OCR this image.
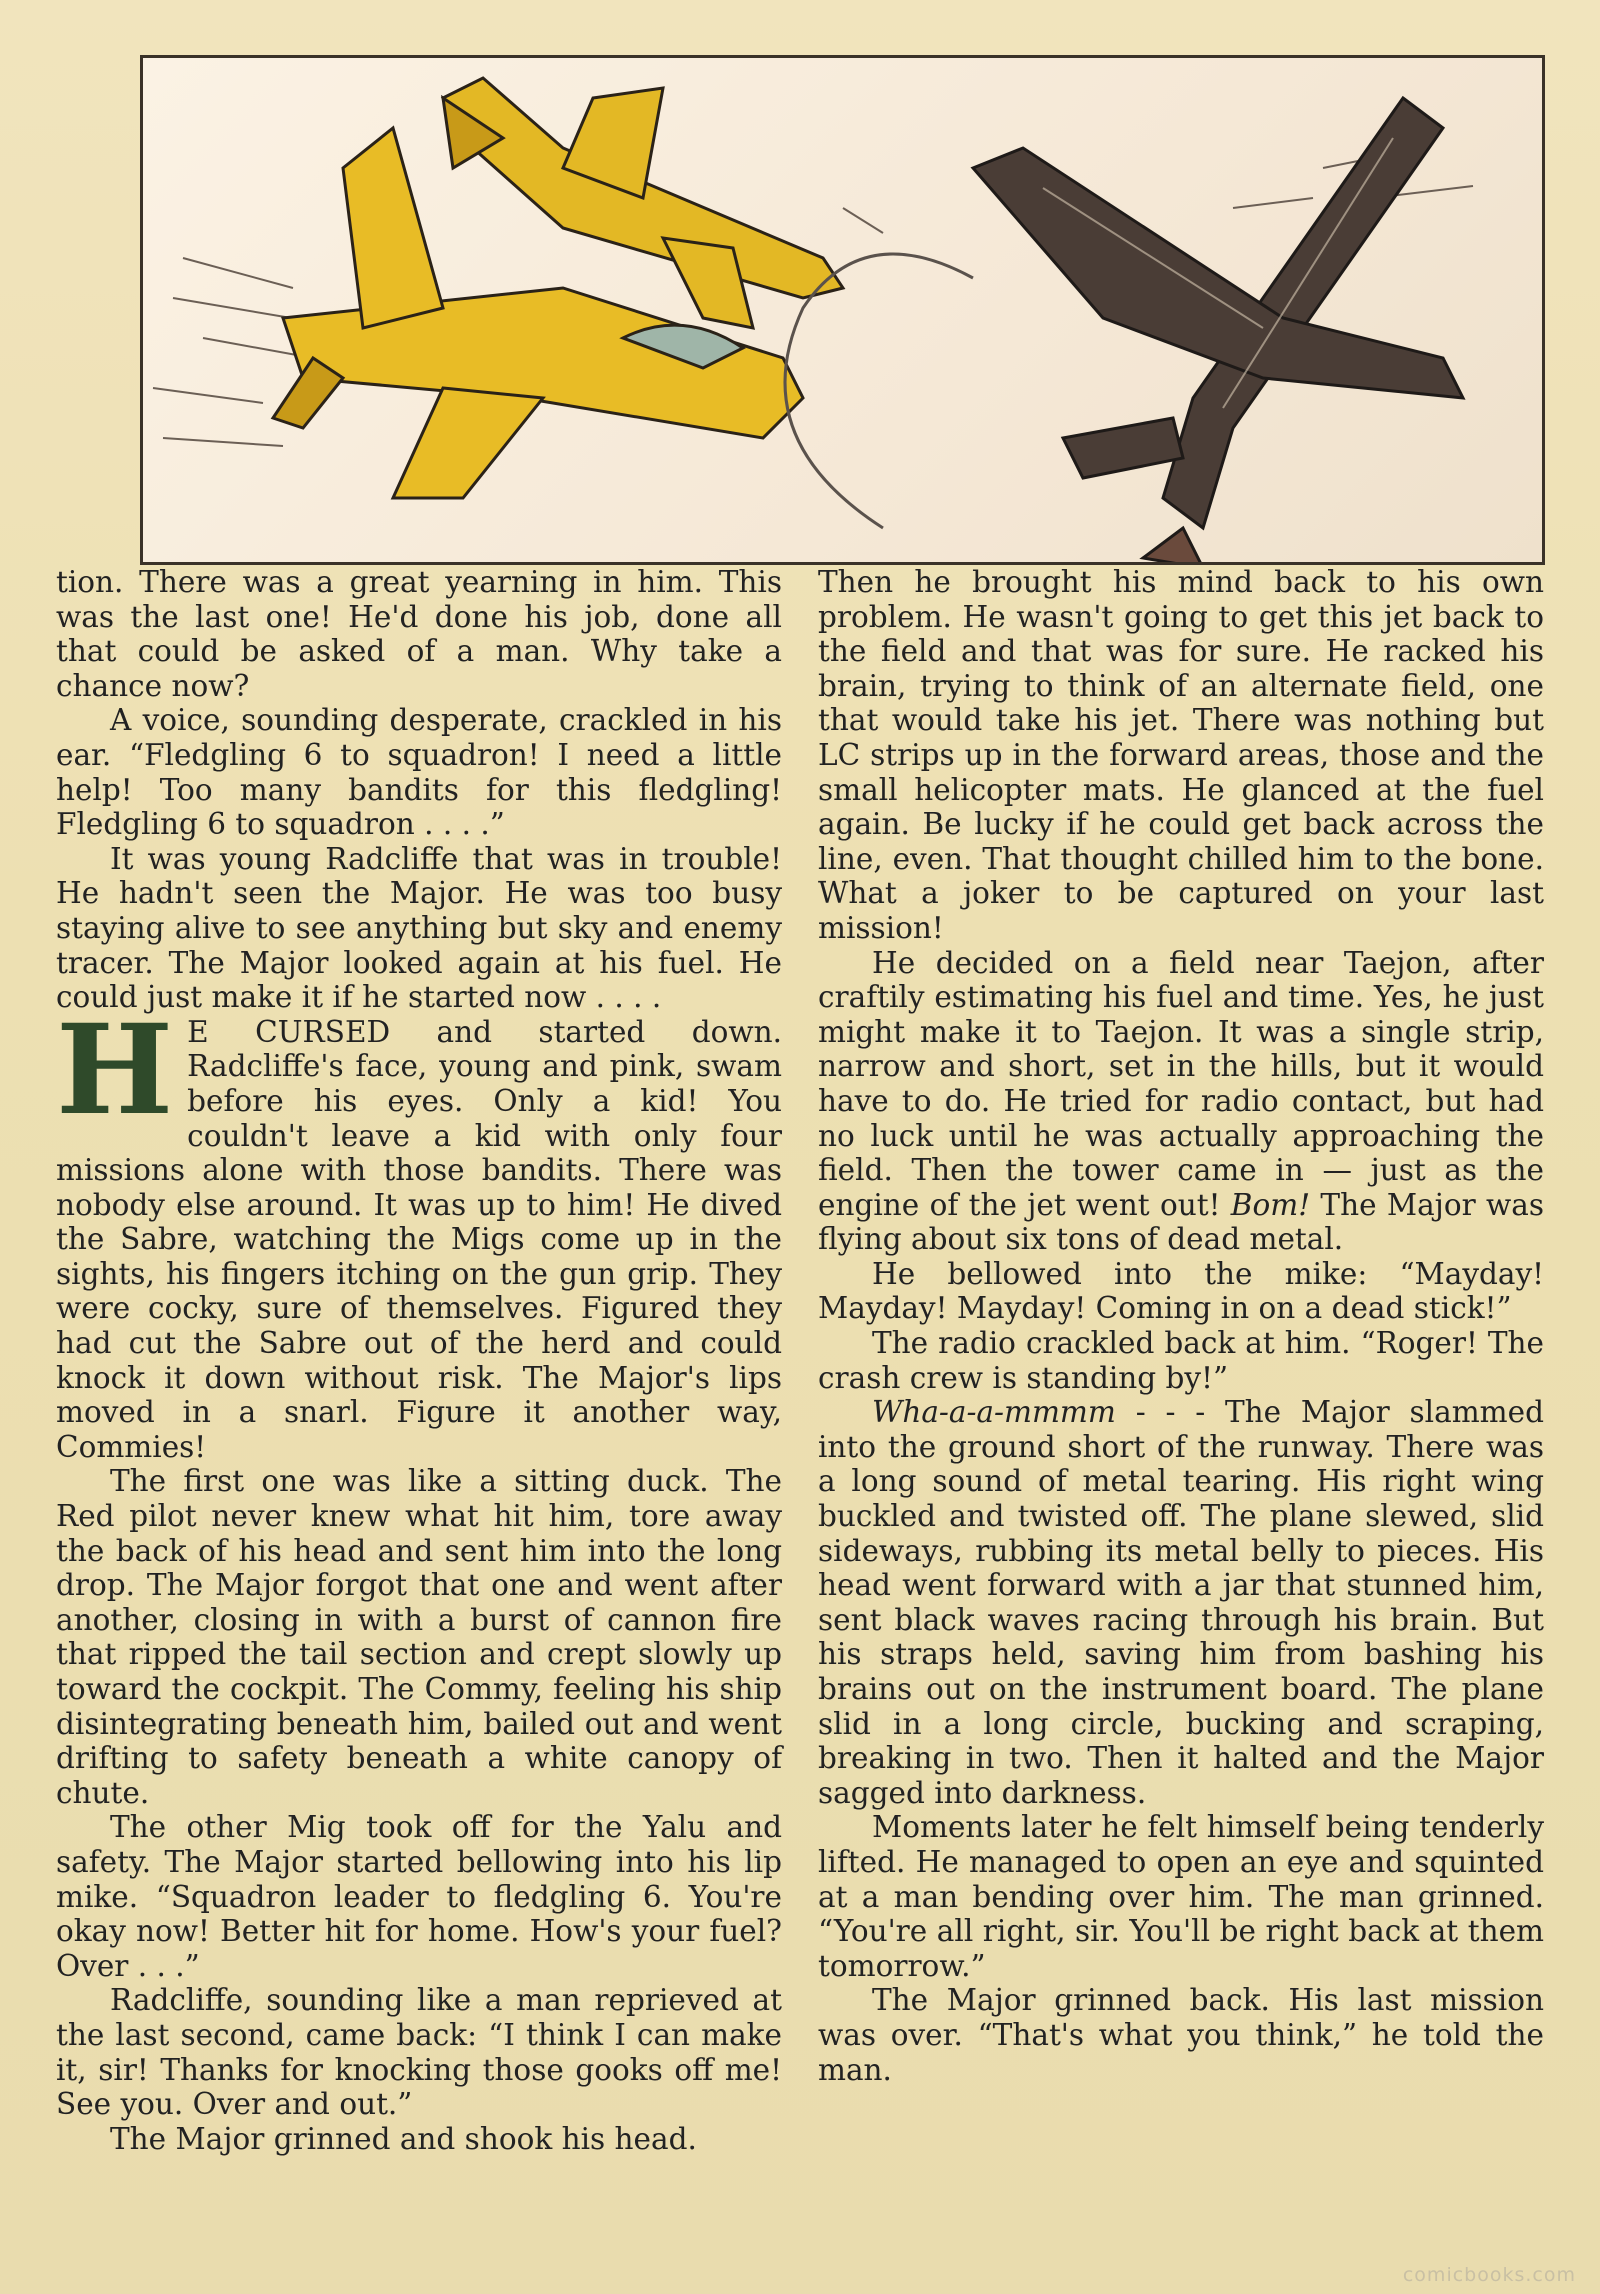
tion. There was a great yearning in him. This was the last one! He'd done his job, done all that could be asked of a man. Why take a chance now?

A voice, sounding desperate, crackled in his ear. “Fledgling 6 to squadron! I need a little help! Too many bandits for this fledgling! Fledgling 6 to squadron . . . .”

It was young Radcliffe that was in trouble! He hadn't seen the Major. He was too busy staying alive to see anything but sky and enemy tracer. The Major looked again at his fuel. He could just make it if he started now . . . .

H E CURSED and started down. Radcliffe's face, young and pink, swam before his eyes. Only a kid! You couldn't leave a kid with only four missions alone with those bandits. There was nobody else around. It was up to him! He dived the Sabre, watching the Migs come up in the sights, his fingers itching on the gun grip. They were cocky, sure of themselves. Figured they had cut the Sabre out of the herd and could knock it down without risk. The Major's lips moved in a snarl. Figure it another way, Commies!

The first one was like a sitting duck. The Red pilot never knew what hit him, tore away the back of his head and sent him into the long drop. The Major forgot that one and went after another, closing in with a burst of cannon fire that ripped the tail section and crept slowly up toward the cockpit. The Commy, feeling his ship disintegrating beneath him, bailed out and went drifting to safety beneath a white canopy of chute.

The other Mig took off for the Yalu and safety. The Major started bellowing into his lip mike. “Squadron leader to fledgling 6. You're okay now! Better hit for home. How's your fuel? Over . . .”

Radcliffe, sounding like a man reprieved at the last second, came back: “I think I can make it, sir! Thanks for knocking those gooks off me! See you. Over and out.”

The Major grinned and shook his head.

Then he brought his mind back to his own problem. He wasn't going to get this jet back to the field and that was for sure. He racked his brain, trying to think of an alternate field, one that would take his jet. There was nothing but LC strips up in the forward areas, those and the small helicopter mats. He glanced at the fuel again. Be lucky if he could get back across the line, even. That thought chilled him to the bone. What a joker to be captured on your last mission!

He decided on a field near Taejon, after craftily estimating his fuel and time. Yes, he just might make it to Taejon. It was a single strip, narrow and short, set in the hills, but it would have to do. He tried for radio contact, but had no luck until he was actually approaching the field. Then the tower came in — just as the engine of the jet went out! Bom! The Major was flying about six tons of dead metal.

He bellowed into the mike: “Mayday! Mayday! Mayday! Coming in on a dead stick!”

The radio crackled back at him. “Roger! The crash crew is standing by!”

Wha-a-a-mmmm - - - The Major slammed into the ground short of the runway. There was a long sound of metal tearing. His right wing buckled and twisted off. The plane slewed, slid sideways, rubbing its metal belly to pieces. His head went forward with a jar that stunned him, sent black waves racing through his brain. But his straps held, saving him from bashing his brains out on the instrument board. The plane slid in a long circle, bucking and scraping, breaking in two. Then it halted and the Major sagged into darkness.

Moments later he felt himself being tenderly lifted. He managed to open an eye and squinted at a man bending over him. The man grinned. “You're all right, sir. You'll be right back at them tomorrow.”

The Major grinned back. His last mission was over. “That's what you think,” he told the man.

comicbooks.com
